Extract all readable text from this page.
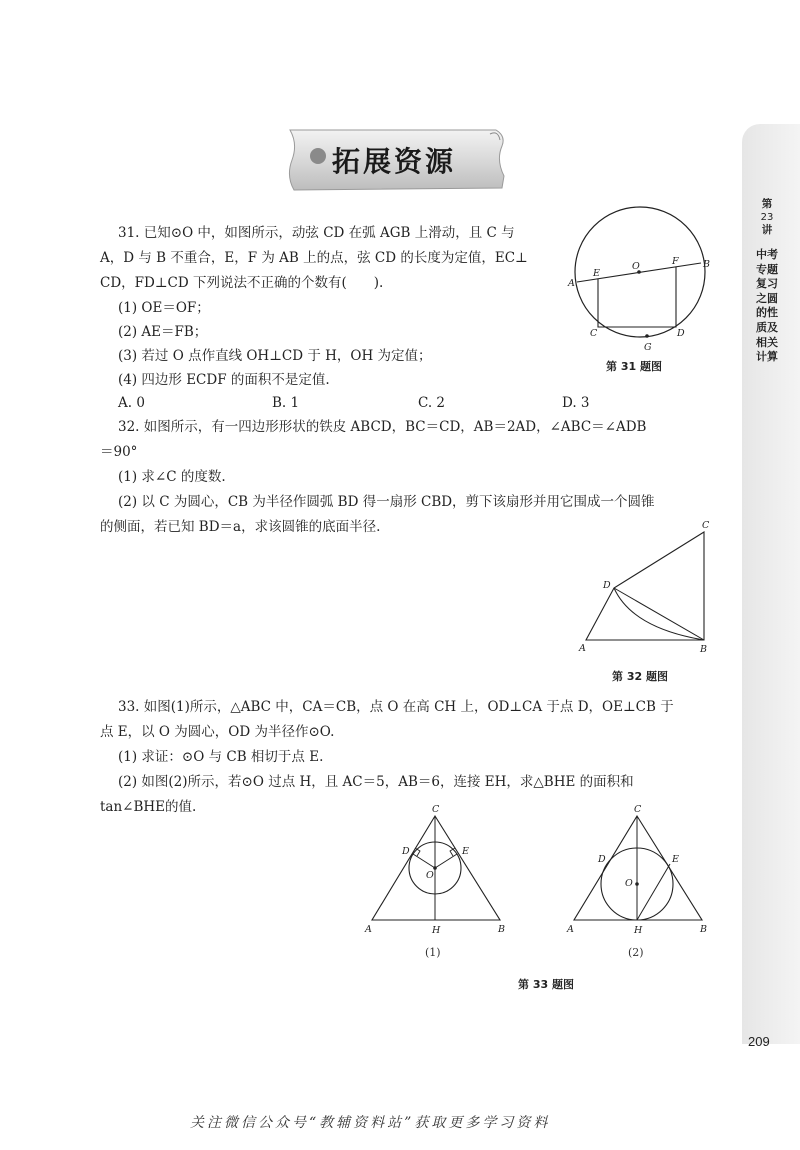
拓展资源
第
23
讲
中考专题复习之圆的性质及相关计算
31. 已知⊙O 中，如图所示，动弦 CD 在弧 AGB 上滑动，且 C 与
A，D 与 B 不重合，E，F 为 AB 上的点，弦 CD 的长度为定值，EC⊥
CD，FD⊥CD 下列说法不正确的个数有(　　).
(1) OE＝OF；
(2) AE＝FB；
(3) 若过 O 点作直线 OH⊥CD 于 H，OH 为定值；
(4) 四边形 ECDF 的面积不是定值.
A. 0	B. 1	C. 2	D. 3
A
E
O	F	B
C	D
G
第 31 题图
32. 如图所示，有一四边形形状的铁皮 ABCD，BC＝CD，AB＝2AD，∠ABC＝∠ADB
＝90°
(1) 求∠C 的度数.
(2) 以 C 为圆心，CB 为半径作圆弧 BD 得一扇形 CBD，剪下该扇形并用它围成一个圆锥
的侧面，若已知 BD＝a，求该圆锥的底面半径.	C
D
A	B
第 32 题图
33. 如图(1)所示，△ABC 中，CA＝CB，点 O 在高 CH 上，OD⊥CA 于点 D，OE⊥CB 于
点 E，以 O 为圆心，OD 为半径作⊙O.
(1) 求证：⊙O 与 CB 相切于点 E.
(2) 如图(2)所示，若⊙O 过点 H，且 AC＝5，AB＝6，连接 EH，求△BHE 的面积和
tan∠BHE的值.	C
D	E
O
A	H	B
(1)
C
D	E
O
A	H	B
(2)
第 33 题图
209
关注微信公众号“教辅资料站”获取更多学习资料
